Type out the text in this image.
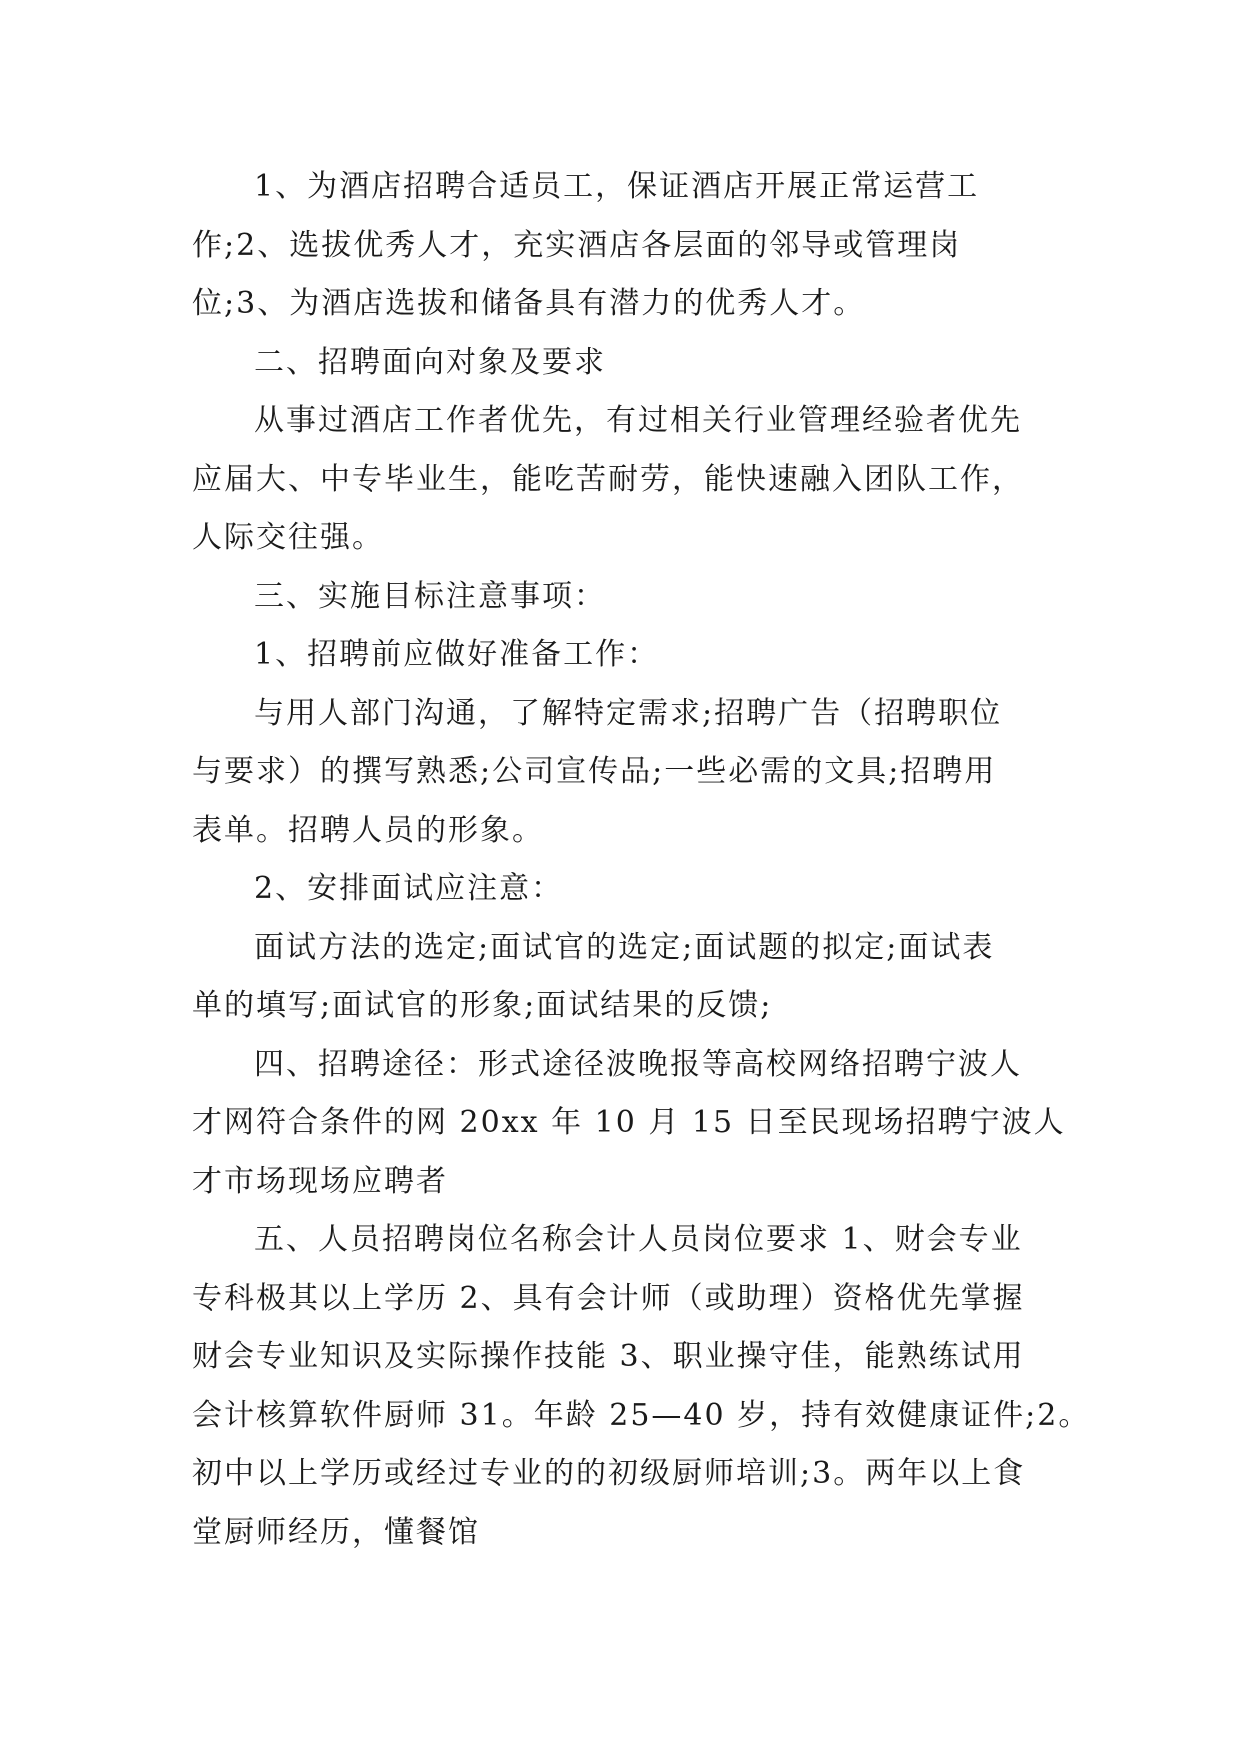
1、为酒店招聘合适员工，保证酒店开展正常运营工
作;2、选拔优秀人才，充实酒店各层面的邻导或管理岗
位;3、为酒店选拔和储备具有潜力的优秀人才。
二、招聘面向对象及要求
从事过酒店工作者优先，有过相关行业管理经验者优先
应届大、中专毕业生，能吃苦耐劳，能快速融入团队工作，
人际交往强。
三、实施目标注意事项：
1、招聘前应做好准备工作：
与用人部门沟通，了解特定需求;招聘广告（招聘职位
与要求）的撰写熟悉;公司宣传品;一些必需的文具;招聘用
表单。招聘人员的形象。
2、安排面试应注意：
面试方法的选定;面试官的选定;面试题的拟定;面试表
单的填写;面试官的形象;面试结果的反馈;
四、招聘途径：形式途径波晚报等高校网络招聘宁波人
才网符合条件的网 20xx 年 10 月 15 日至民现场招聘宁波人
才市场现场应聘者
五、人员招聘岗位名称会计人员岗位要求 1、财会专业
专科极其以上学历 2、具有会计师（或助理）资格优先掌握
财会专业知识及实际操作技能 3、职业操守佳，能熟练试用
会计核算软件厨师 31。年龄 25—40 岁，持有效健康证件;2。
初中以上学历或经过专业的的初级厨师培训;3。两年以上食
堂厨师经历，懂餐馆
